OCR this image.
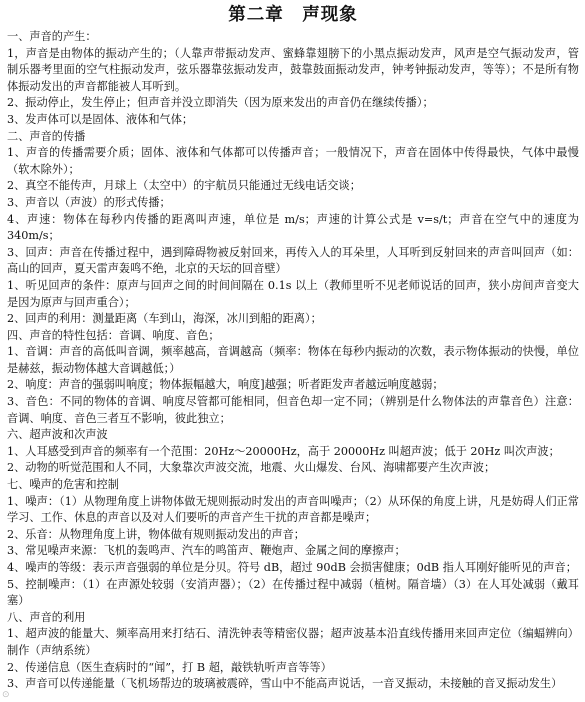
第二章　声现象
一、声音的产生：
1，声音是由物体的振动产生的；（人靠声带振动发声、蜜蜂靠翅膀下的小黑点振动发声，风声是空气振动发声，管制乐器考里面的空气柱振动发声，弦乐器靠弦振动发声，鼓靠鼓面振动发声，钟考钟振动发声，等等）；不是所有物体振动发出的声音都能被人耳听到。
2、振动停止，发生停止；但声音并没立即消失（因为原来发出的声音仍在继续传播）；
3、发声体可以是固体、液体和气体；
二、声音的传播
1、声音的传播需要介质；固体、液体和气体都可以传播声音；一般情况下，声音在固体中传得最快，气体中最慢（软木除外）；
2、真空不能传声，月球上（太空中）的宇航员只能通过无线电话交谈；
3、声音以（声波）的形式传播；
4、声速：物体在每秒内传播的距离叫声速，单位是 m/s；声速的计算公式是 v=s/t；声音在空气中的速度为 340m/s；
3、回声：声音在传播过程中，遇到障碍物被反射回来，再传入人的耳朵里，人耳听到反射回来的声音叫回声（如：高山的回声，夏天雷声轰鸣不绝，北京的天坛的回音壁）
1、听见回声的条件：原声与回声之间的时间间隔在 0.1s 以上（教师里听不见老师说话的回声，狭小房间声音变大是因为原声与回声重合）；
2、回声的利用：测量距离（车到山，海深，冰川到船的距离）；
四、声音的特性包括：音调、响度、音色；
1、音调：声音的高低叫音调，频率越高，音调越高（频率：物体在每秒内振动的次数，表示物体振动的快慢，单位是赫兹，振动物体越大音调越低；）
2、响度：声音的强弱叫响度；物体振幅越大，响度]越强；听者距发声者越远响度越弱；
3、音色：不同的物体的音调、响度尽管都可能相同，但音色却一定不同；（辨别是什么物体法的声靠音色）注意：音调、响度、音色三者互不影响，彼此独立；
六、超声波和次声波
1、人耳感受到声音的频率有一个范围：20Hz～20000Hz，高于 20000Hz 叫超声波；低于 20Hz 叫次声波；
2、动物的听觉范围和人不同，大象靠次声波交流，地震、火山爆发、台风、海啸都要产生次声波；
七、噪声的危害和控制
1、噪声：（1）从物理角度上讲物体做无规则振动时发出的声音叫噪声；（2）从环保的角度上讲，凡是妨碍人们正常学习、工作、休息的声音以及对人们要听的声音产生干扰的声音都是噪声；
2、乐音：从物理角度上讲，物体做有规则振动发出的声音；
3、常见噪声来源：飞机的轰鸣声、汽车的鸣笛声、鞭炮声、金属之间的摩擦声；
4、噪声的等级：表示声音强弱的单位是分贝。符号 dB，超过 90dB 会损害健康；0dB 指人耳刚好能听见的声音；
5、控制噪声：（1）在声源处较弱（安消声器）；（2）在传播过程中减弱（植树。隔音墙）（3）在人耳处减弱（戴耳塞）
八、声音的利用
1、超声波的能量大、频率高用来打结石、清洗钟表等精密仪器；超声波基本沿直线传播用来回声定位（编蝠辨向）制作（声纳系统）
2、传递信息（医生查病时的“闻”，打 B 超，敲铁轨听声音等等）
3、声音可以传递能量（飞机场帮边的玻璃被震碎，雪山中不能高声说话，一音叉振动，未接触的音叉振动发生）
⊙
